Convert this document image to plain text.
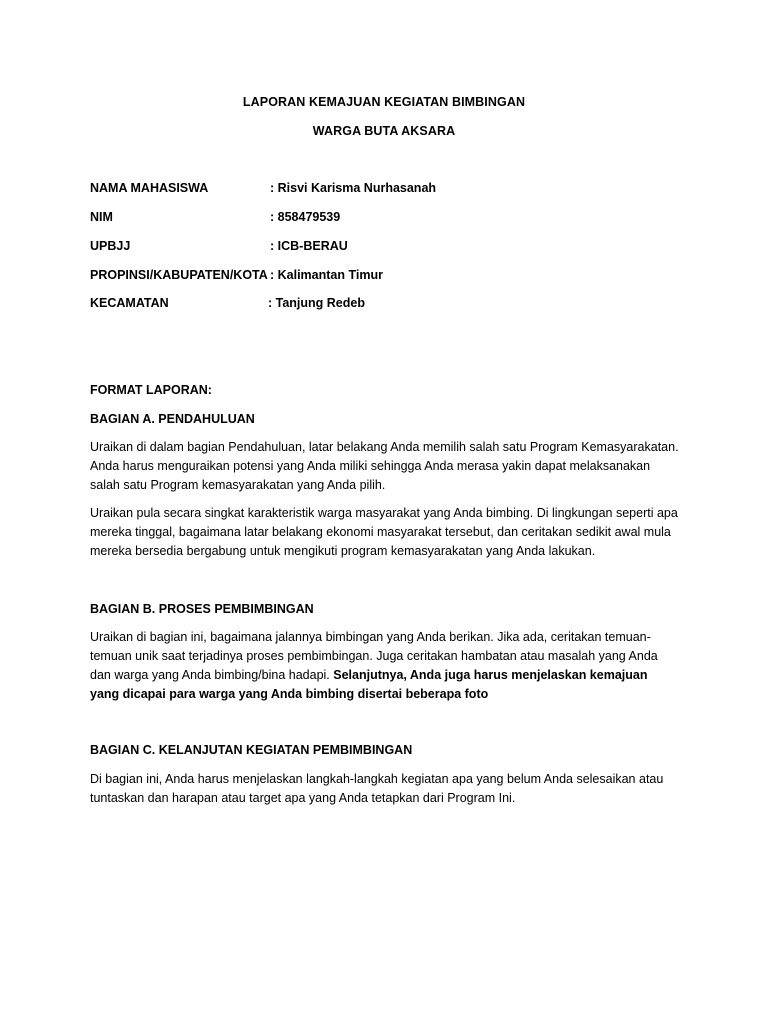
LAPORAN KEMAJUAN KEGIATAN BIMBINGAN
WARGA BUTA AKSARA
NAMA MAHASISWA	: Risvi Karisma Nurhasanah
NIM	: 858479539
UPBJJ	: ICB-BERAU
PROPINSI/KABUPATEN/KOTA : Kalimantan Timur
KECAMATAN	: Tanjung Redeb
FORMAT LAPORAN:
BAGIAN A. PENDAHULUAN
Uraikan di dalam bagian Pendahuluan, latar belakang Anda memilih salah satu Program Kemasyarakatan. Anda harus menguraikan potensi yang Anda miliki sehingga Anda merasa yakin dapat melaksanakan salah satu Program kemasyarakatan yang Anda pilih.
Uraikan pula secara singkat karakteristik warga masyarakat yang Anda bimbing. Di lingkungan seperti apa mereka tinggal, bagaimana latar belakang ekonomi masyarakat tersebut, dan ceritakan sedikit awal mula mereka bersedia bergabung untuk mengikuti program kemasyarakatan yang Anda lakukan.
BAGIAN B. PROSES PEMBIMBINGAN
Uraikan di bagian ini, bagaimana jalannya bimbingan yang Anda berikan. Jika ada, ceritakan temuan-temuan unik saat terjadinya proses pembimbingan. Juga ceritakan hambatan atau masalah yang Anda dan warga yang Anda bimbing/bina hadapi. Selanjutnya, Anda juga harus menjelaskan kemajuan yang dicapai para warga yang Anda bimbing disertai beberapa foto
BAGIAN C. KELANJUTAN KEGIATAN PEMBIMBINGAN
Di bagian ini, Anda harus menjelaskan langkah-langkah kegiatan apa yang belum Anda selesaikan atau tuntaskan dan harapan atau target apa yang Anda tetapkan dari Program Ini.
